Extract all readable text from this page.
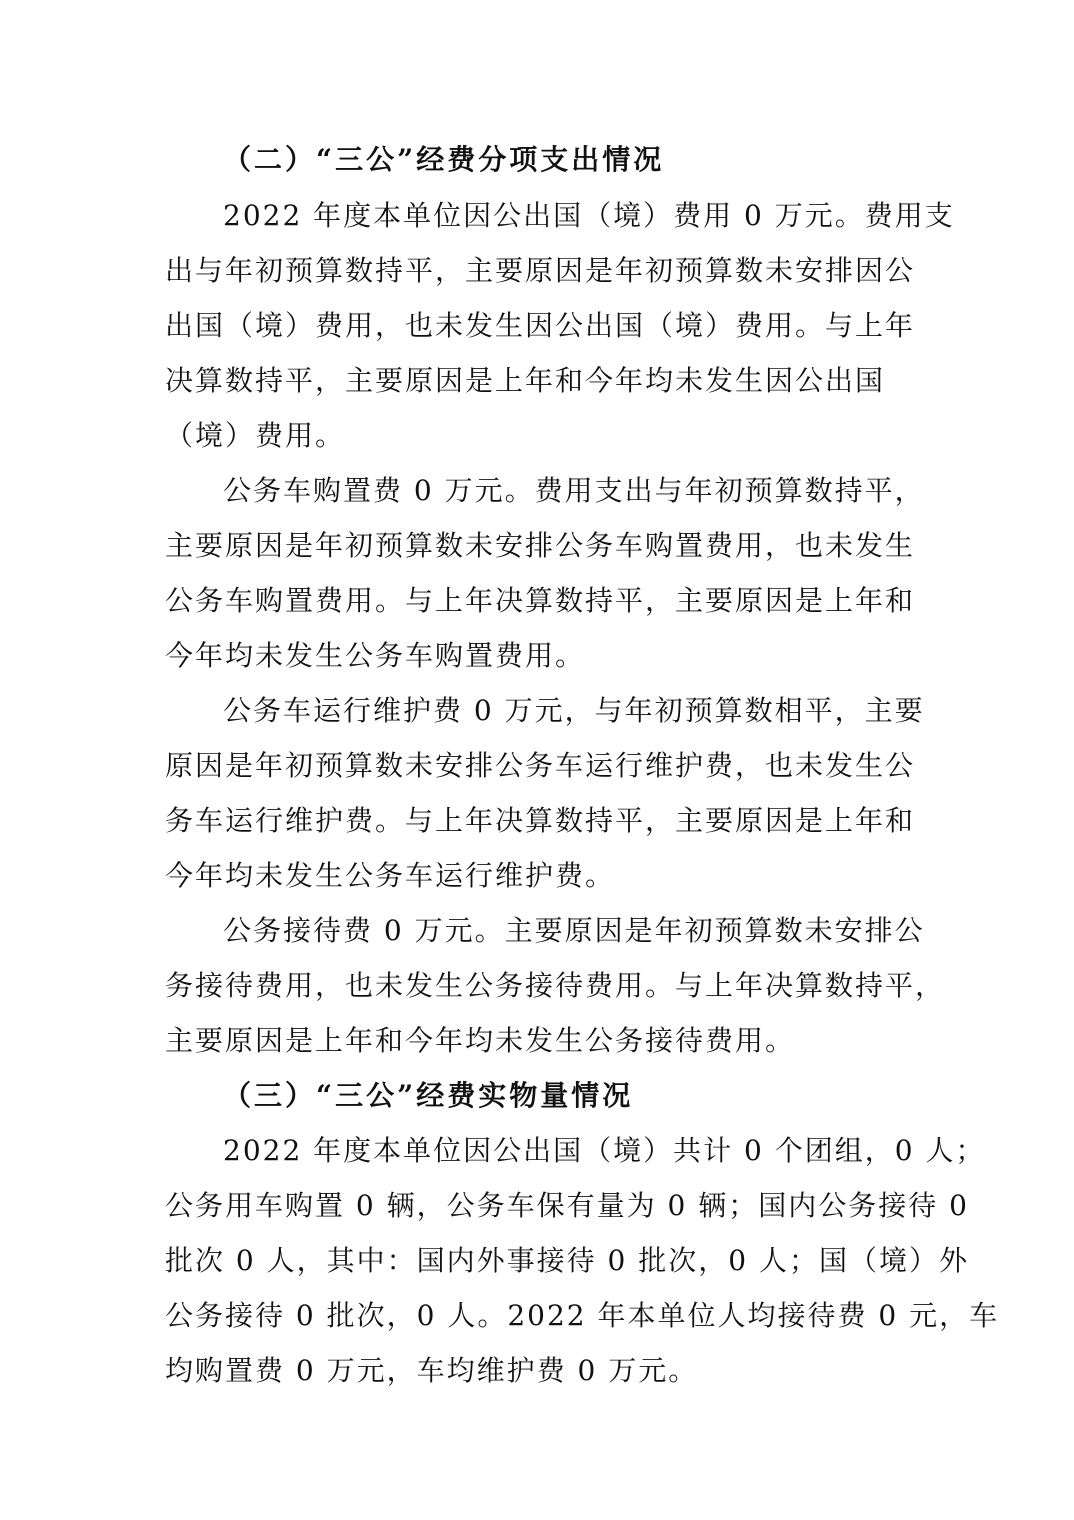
（二）“三公”经费分项支出情况
2022 年度本单位因公出国（境）费用 0 万元。费用支
出与年初预算数持平，主要原因是年初预算数未安排因公
出国（境）费用，也未发生因公出国（境）费用。与上年
决算数持平，主要原因是上年和今年均未发生因公出国
（境）费用。
公务车购置费 0 万元。费用支出与年初预算数持平，
主要原因是年初预算数未安排公务车购置费用，也未发生
公务车购置费用。与上年决算数持平，主要原因是上年和
今年均未发生公务车购置费用。
公务车运行维护费 0 万元，与年初预算数相平，主要
原因是年初预算数未安排公务车运行维护费，也未发生公
务车运行维护费。与上年决算数持平，主要原因是上年和
今年均未发生公务车运行维护费。
公务接待费 0 万元。主要原因是年初预算数未安排公
务接待费用，也未发生公务接待费用。与上年决算数持平，
主要原因是上年和今年均未发生公务接待费用。
（三）“三公”经费实物量情况
2022 年度本单位因公出国（境）共计 0 个团组，0 人；
公务用车购置 0 辆，公务车保有量为 0 辆；国内公务接待 0
批次 0 人，其中：国内外事接待 0 批次，0 人；国（境）外
公务接待 0 批次，0 人。2022 年本单位人均接待费 0 元，车
均购置费 0 万元，车均维护费 0 万元。
